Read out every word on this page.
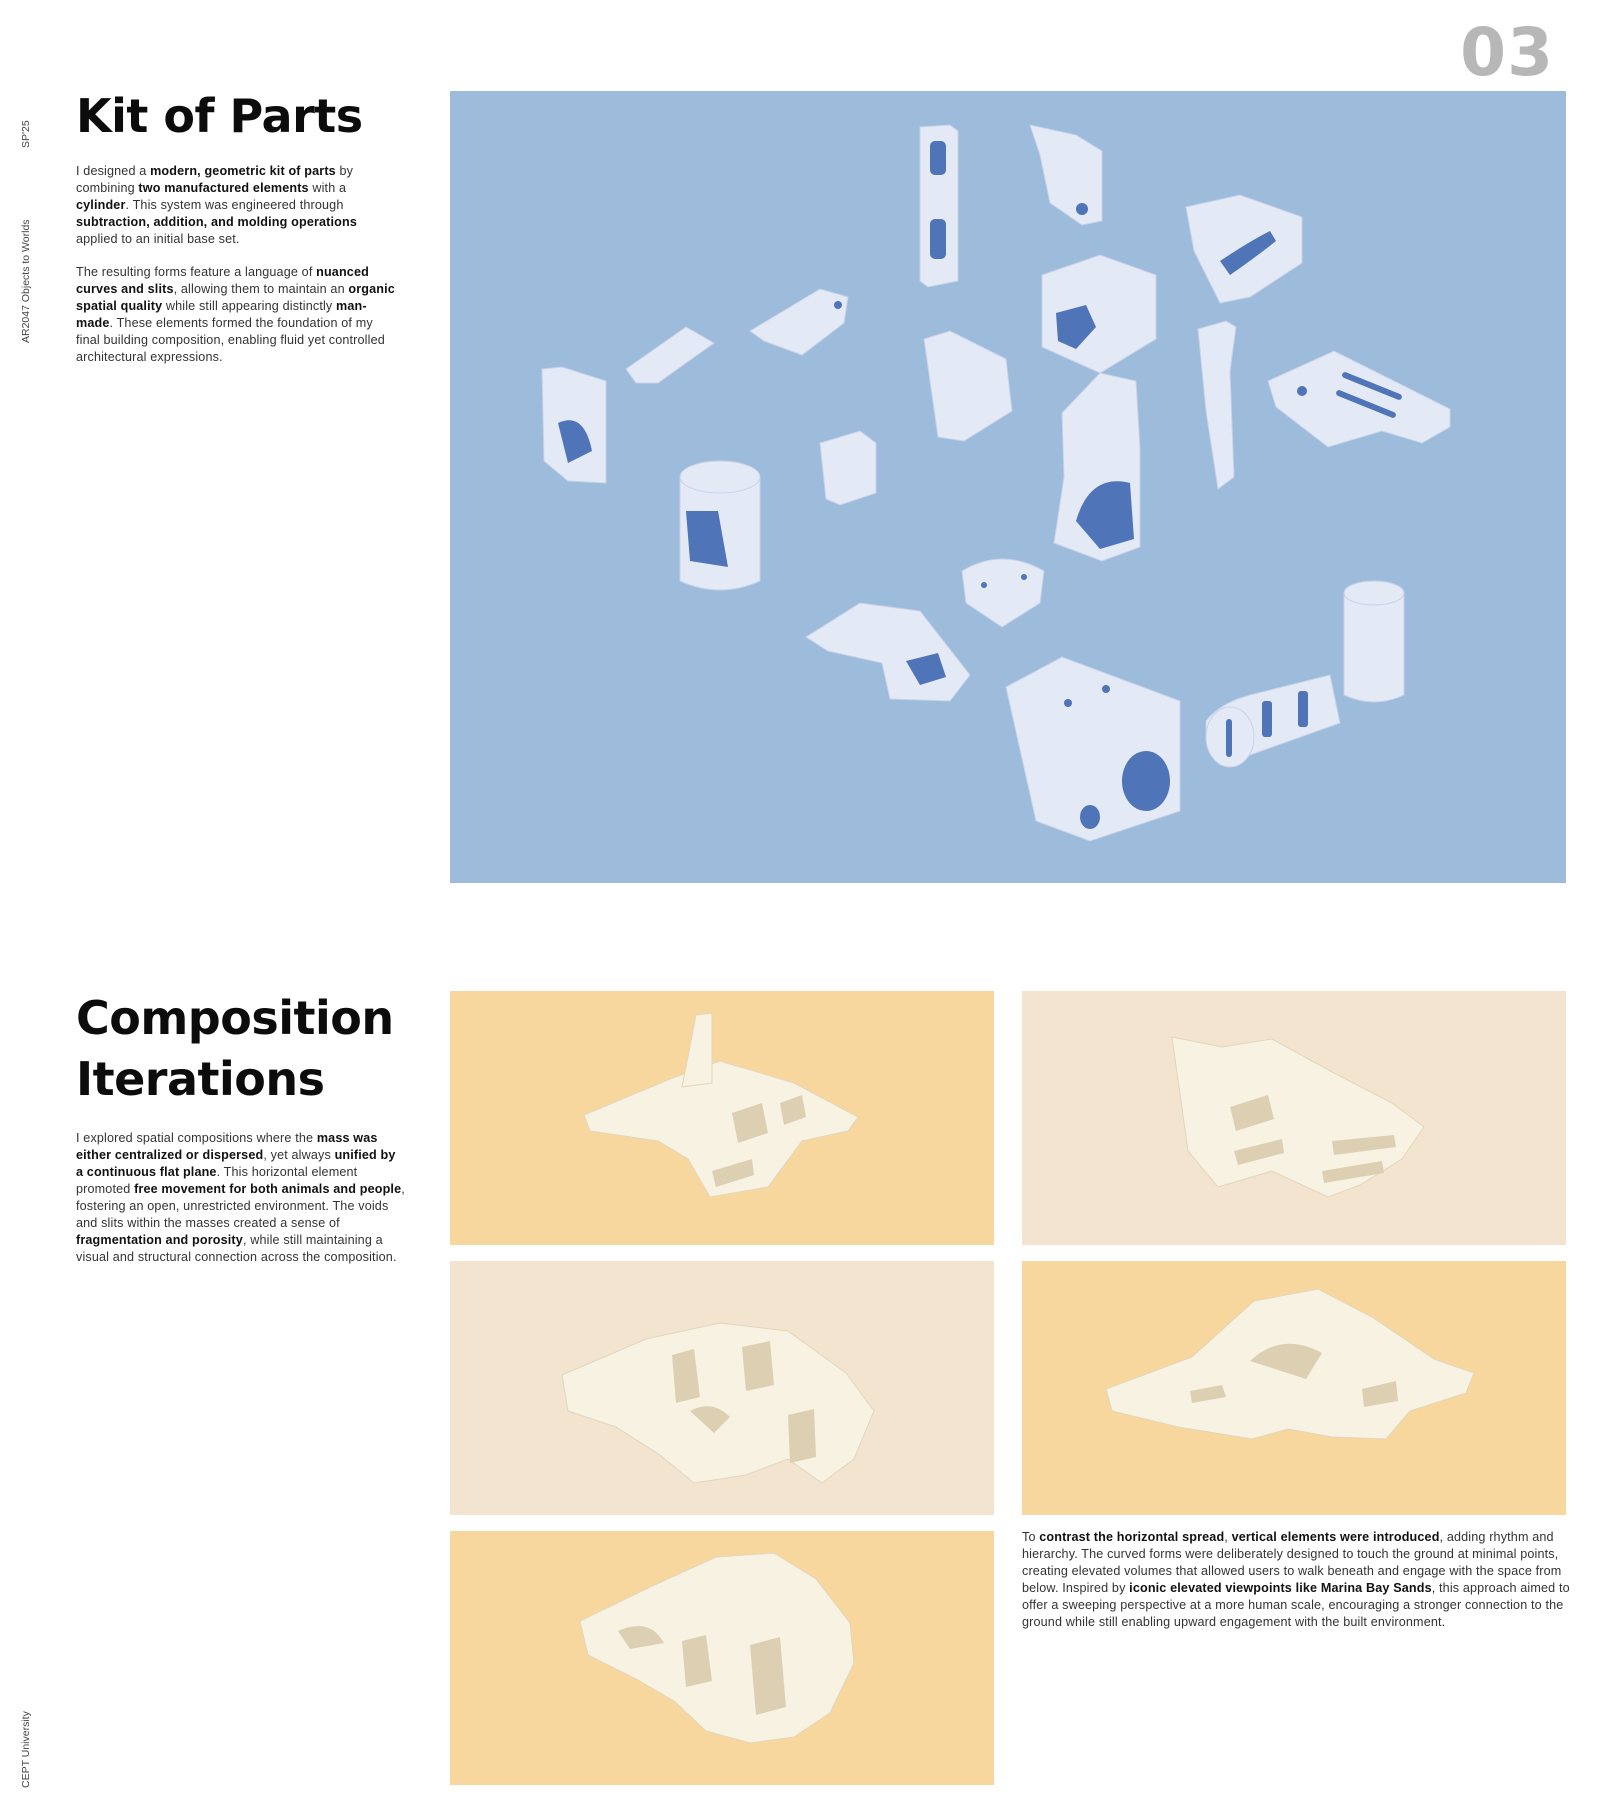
03
SP'25
AR2047 Objects to Worlds
CEPT University
Kit of Parts

I designed a modern, geometric kit of parts by combining two manufactured elements with a cylinder. This system was engineered through subtraction, addition, and molding operations applied to an initial base set.

The resulting forms feature a language of nuanced curves and slits, allowing them to maintain an organic spatial quality while still appearing distinctly man-made. These elements formed the foundation of my final building composition, enabling fluid yet controlled architectural expressions.

Composition
Iterations

I explored spatial compositions where the mass was either centralized or dispersed, yet always unified by a continuous flat plane. This horizontal element promoted free movement for both animals and people, fostering an open, unrestricted environment. The voids and slits within the masses created a sense of fragmentation and porosity, while still maintaining a visual and structural connection across the composition.

To contrast the horizontal spread, vertical elements were introduced, adding rhythm and hierarchy. The curved forms were deliberately designed to touch the ground at minimal points, creating elevated volumes that allowed users to walk beneath and engage with the space from below. Inspired by iconic elevated viewpoints like Marina Bay Sands, this approach aimed to offer a sweeping perspective at a more human scale, encouraging a stronger connection to the ground while still enabling upward engagement with the built environment.
